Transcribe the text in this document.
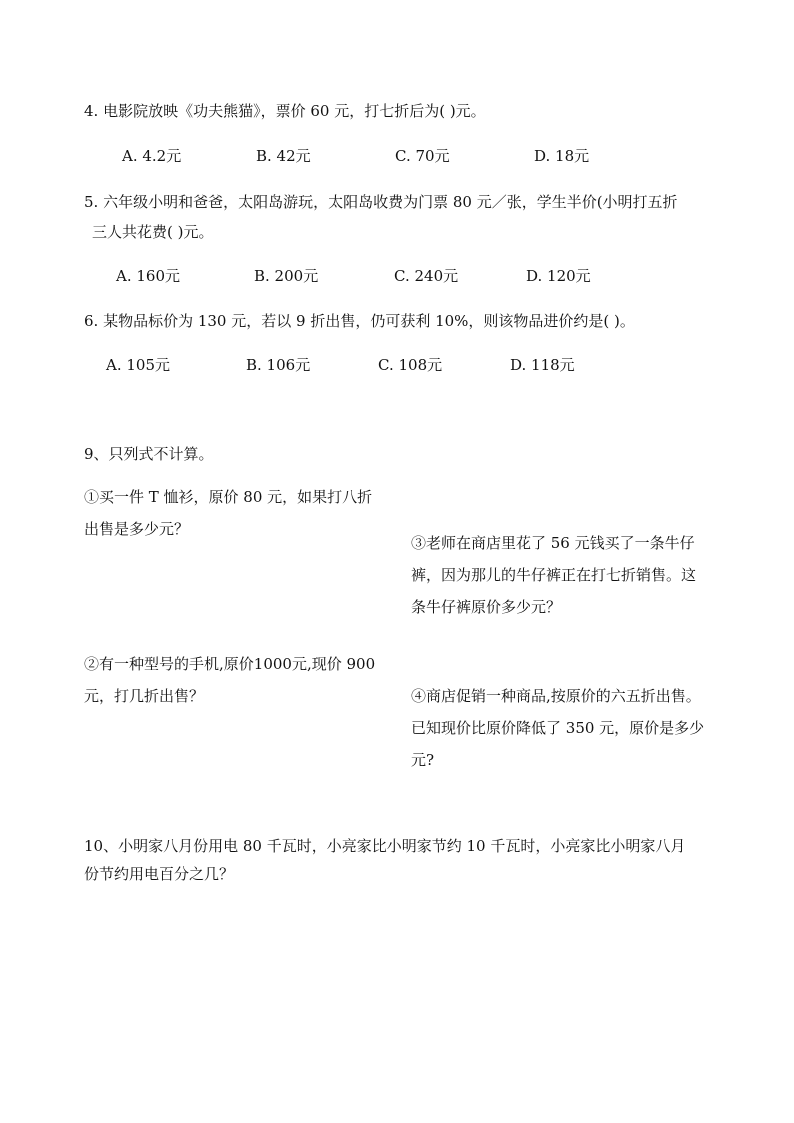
4. 电影院放映《功夫熊猫》，票价 60 元，打七折后为( )元。
A. 4.2元	B. 42元	C. 70元	D. 18元
5. 六年级小明和爸爸，太阳岛游玩，太阳岛收费为门票 80 元／张，学生半价(小明打五折
三人共花费( )元。
A. 160元	B. 200元	C. 240元	D. 120元
6. 某物品标价为 130 元，若以 9 折出售，仍可获利 10%，则该物品进价约是( )。
A. 105元	B. 106元	C. 108元	D. 118元
9、只列式不计算。
①买一件 T 恤衫，原价 80 元，如果打八折
出售是多少元？
③老师在商店里花了 56 元钱买了一条牛仔
裤，因为那儿的牛仔裤正在打七折销售。这
条牛仔裤原价多少元？
②有一种型号的手机,原价1000元,现价 900
元，打几折出售？	④商店促销一种商品,按原价的六五折出售。
已知现价比原价降低了 350 元，原价是多少
元?
10、小明家八月份用电 80 千瓦时，小亮家比小明家节约 10 千瓦时，小亮家比小明家八月
份节约用电百分之几？
